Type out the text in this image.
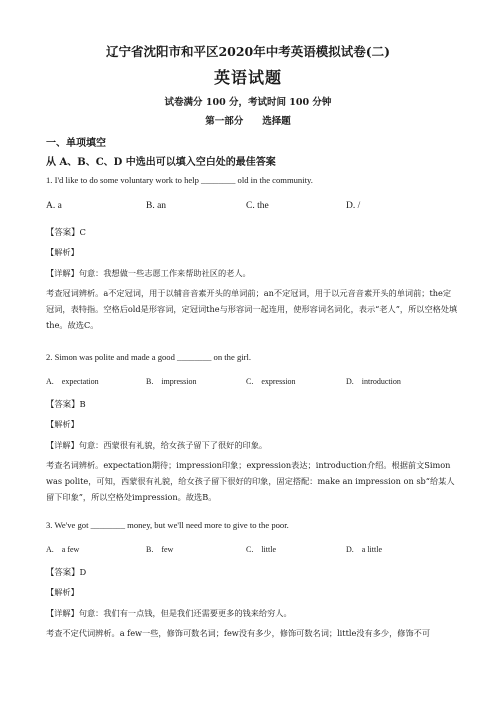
辽宁省沈阳市和平区2020年中考英语模拟试卷(二)
英语试题
试卷满分 100 分，考试时间 100 分钟
第一部分　　选择题
一、单项填空
从 A、B、C、D 中选出可以填入空白处的最佳答案
1. I'd like to do some voluntary work to help ________ old in the community.
A. a	B. an	C. the	D. /
【答案】C
【解析】
【详解】句意：我想做一些志愿工作来帮助社区的老人。
考查冠词辨析。a不定冠词，用于以辅音音素开头的单词前；an不定冠词，用于以元音音素开头的单词前；the定冠词，表特指。空格后old是形容词，定冠词the与形容词一起连用，使形容词名词化，表示“老人”，所以空格处填the。故选C。
2. Simon was polite and made a good ________ on the girl.
A.　expectation	B.　impression	C.　expression	D.　introduction
【答案】B
【解析】
【详解】句意：西蒙很有礼貌，给女孩子留下了很好的印象。
考查名词辨析。expectation期待；impression印象；expression表达；introduction介绍。根据前文Simon was polite，可知，西蒙很有礼貌，给女孩子留下很好的印象，固定搭配：make an impression on sb“给某人留下印象”，所以空格处impression。故选B。
3. We've got ________ money, but we'll need more to give to the poor.
A.　a few	B.　few	C.　little	D.　a little
【答案】D
【解析】
【详解】句意：我们有一点钱，但是我们还需要更多的钱来给穷人。
考查不定代词辨析。a few一些，修饰可数名词；few没有多少，修饰可数名词；little没有多少，修饰不可
